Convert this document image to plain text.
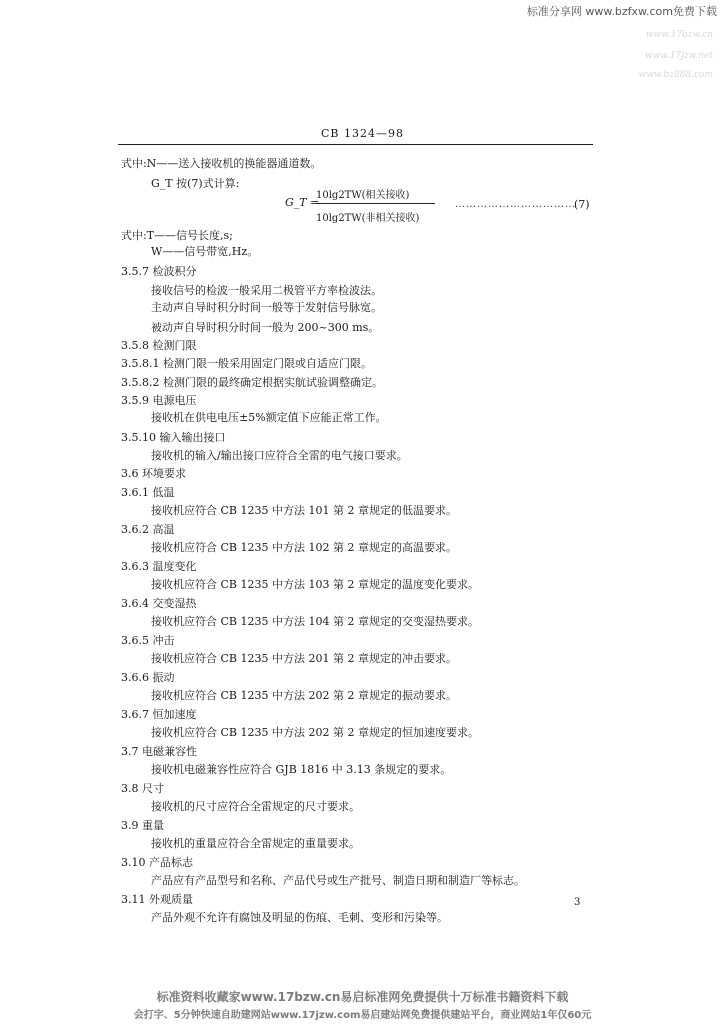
标准分享网 www.bzfxw.com免费下载
www.17bzw.cn
www.17jzw.net
www.bz888.com
CB 1324—98
式中:N——送入接收机的换能器通道数。
G_T 按(7)式计算:
G_T =
10lg2TW(相关接收)
10lg2TW(非相关接收)
……………………………
(7)
式中:T——信号长度,s;
W——信号带宽,Hz。
3.5.7 检波积分
接收信号的检波一般采用二极管平方率检波法。
主动声自导时积分时间一般等于发射信号脉宽。
被动声自导时积分时间一般为 200~300 ms。
3.5.8 检测门限
3.5.8.1 检测门限一般采用固定门限或自适应门限。
3.5.8.2 检测门限的最终确定根据实航试验调整确定。
3.5.9 电源电压
接收机在供电电压±5%额定值下应能正常工作。
3.5.10 输入输出接口
接收机的输入/输出接口应符合全雷的电气接口要求。
3.6 环境要求
3.6.1 低温
接收机应符合 CB 1235 中方法 101 第 2 章规定的低温要求。
3.6.2 高温
接收机应符合 CB 1235 中方法 102 第 2 章规定的高温要求。
3.6.3 温度变化
接收机应符合 CB 1235 中方法 103 第 2 章规定的温度变化要求。
3.6.4 交变湿热
接收机应符合 CB 1235 中方法 104 第 2 章规定的交变湿热要求。
3.6.5 冲击
接收机应符合 CB 1235 中方法 201 第 2 章规定的冲击要求。
3.6.6 振动
接收机应符合 CB 1235 中方法 202 第 2 章规定的振动要求。
3.6.7 恒加速度
接收机应符合 CB 1235 中方法 202 第 2 章规定的恒加速度要求。
3.7 电磁兼容性
接收机电磁兼容性应符合 GJB 1816 中 3.13 条规定的要求。
3.8 尺寸
接收机的尺寸应符合全雷规定的尺寸要求。
3.9 重量
接收机的重量应符合全雷规定的重量要求。
3.10 产品标志
产品应有产品型号和名称、产品代号或生产批号、制造日期和制造厂等标志。
3.11 外观质量
产品外观不允许有腐蚀及明显的伤痕、毛刺、变形和污染等。
3
标准资料收藏家www.17bzw.cn易启标准网免费提供十万标准书籍资料下载
会打字、5分钟快速自助建网站www.17jzw.com易启建站网免费提供建站平台，商业网站1年仅60元
